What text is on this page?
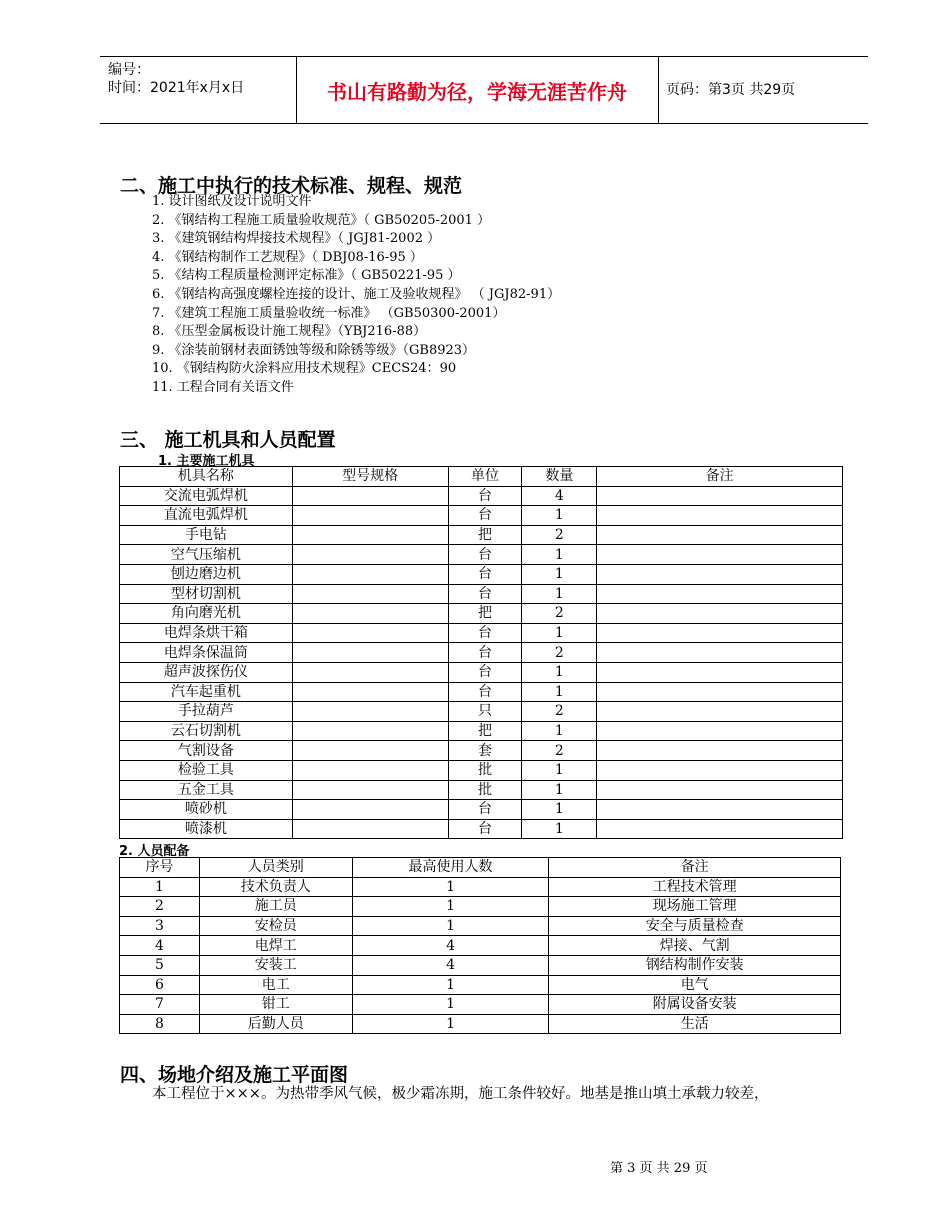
编号：
时间：2021年x月x日	书山有路勤为径，学海无涯苦作舟	页码：第3页 共29页
二、施工中执行的技术标准、规程、规范
1. 设计图纸及设计说明文件
2. 《钢结构工程施工质量验收规范》（ GB50205-2001 ）
3. 《建筑钢结构焊接技术规程》（ JGJ81-2002 ）
4. 《钢结构制作工艺规程》（ DBJ08-16-95 ）
5. 《结构工程质量检测评定标准》（ GB50221-95 ）
6. 《钢结构高强度螺栓连接的设计、施工及验收规程》 （ JGJ82-91）
7. 《建筑工程施工质量验收统一标准》 （GB50300-2001）
8. 《压型金属板设计施工规程》（YBJ216-88）
9. 《涂装前钢材表面锈蚀等级和除锈等级》（GB8923）
10. 《钢结构防火涂料应用技术规程》CECS24：90
11. 工程合同有关语文件
三、 施工机具和人员配置
1. 主要施工机具
机具名称	型号规格	单位	数量	备注
交流电弧焊机		台	4	
直流电弧焊机		台	1	
手电钻		把	2	
空气压缩机		台	1	
刨边磨边机		台	1	
型材切割机		台	1	
角向磨光机		把	2	
电焊条烘干箱		台	1	
电焊条保温筒		台	2	
超声波探伤仪		台	1	
汽车起重机		台	1	
手拉葫芦		只	2	
云石切割机		把	1	
气割设备		套	2	
检验工具		批	1	
五金工具		批	1	
喷砂机		台	1	
喷漆机		台	1	
2. 人员配备
序号	人员类别	最高使用人数	备注
1	技术负责人	1	工程技术管理
2	施工员	1	现场施工管理
3	安检员	1	安全与质量检查
4	电焊工	4	焊接、气割
5	安装工	4	钢结构制作安装
6	电工	1	电气
7	钳工	1	附属设备安装
8	后勤人员	1	生活
四、场地介绍及施工平面图
本工程位于×××。为热带季风气候，极少霜冻期，施工条件较好。地基是推山填土承载力较差，
第 3 页 共 29 页
